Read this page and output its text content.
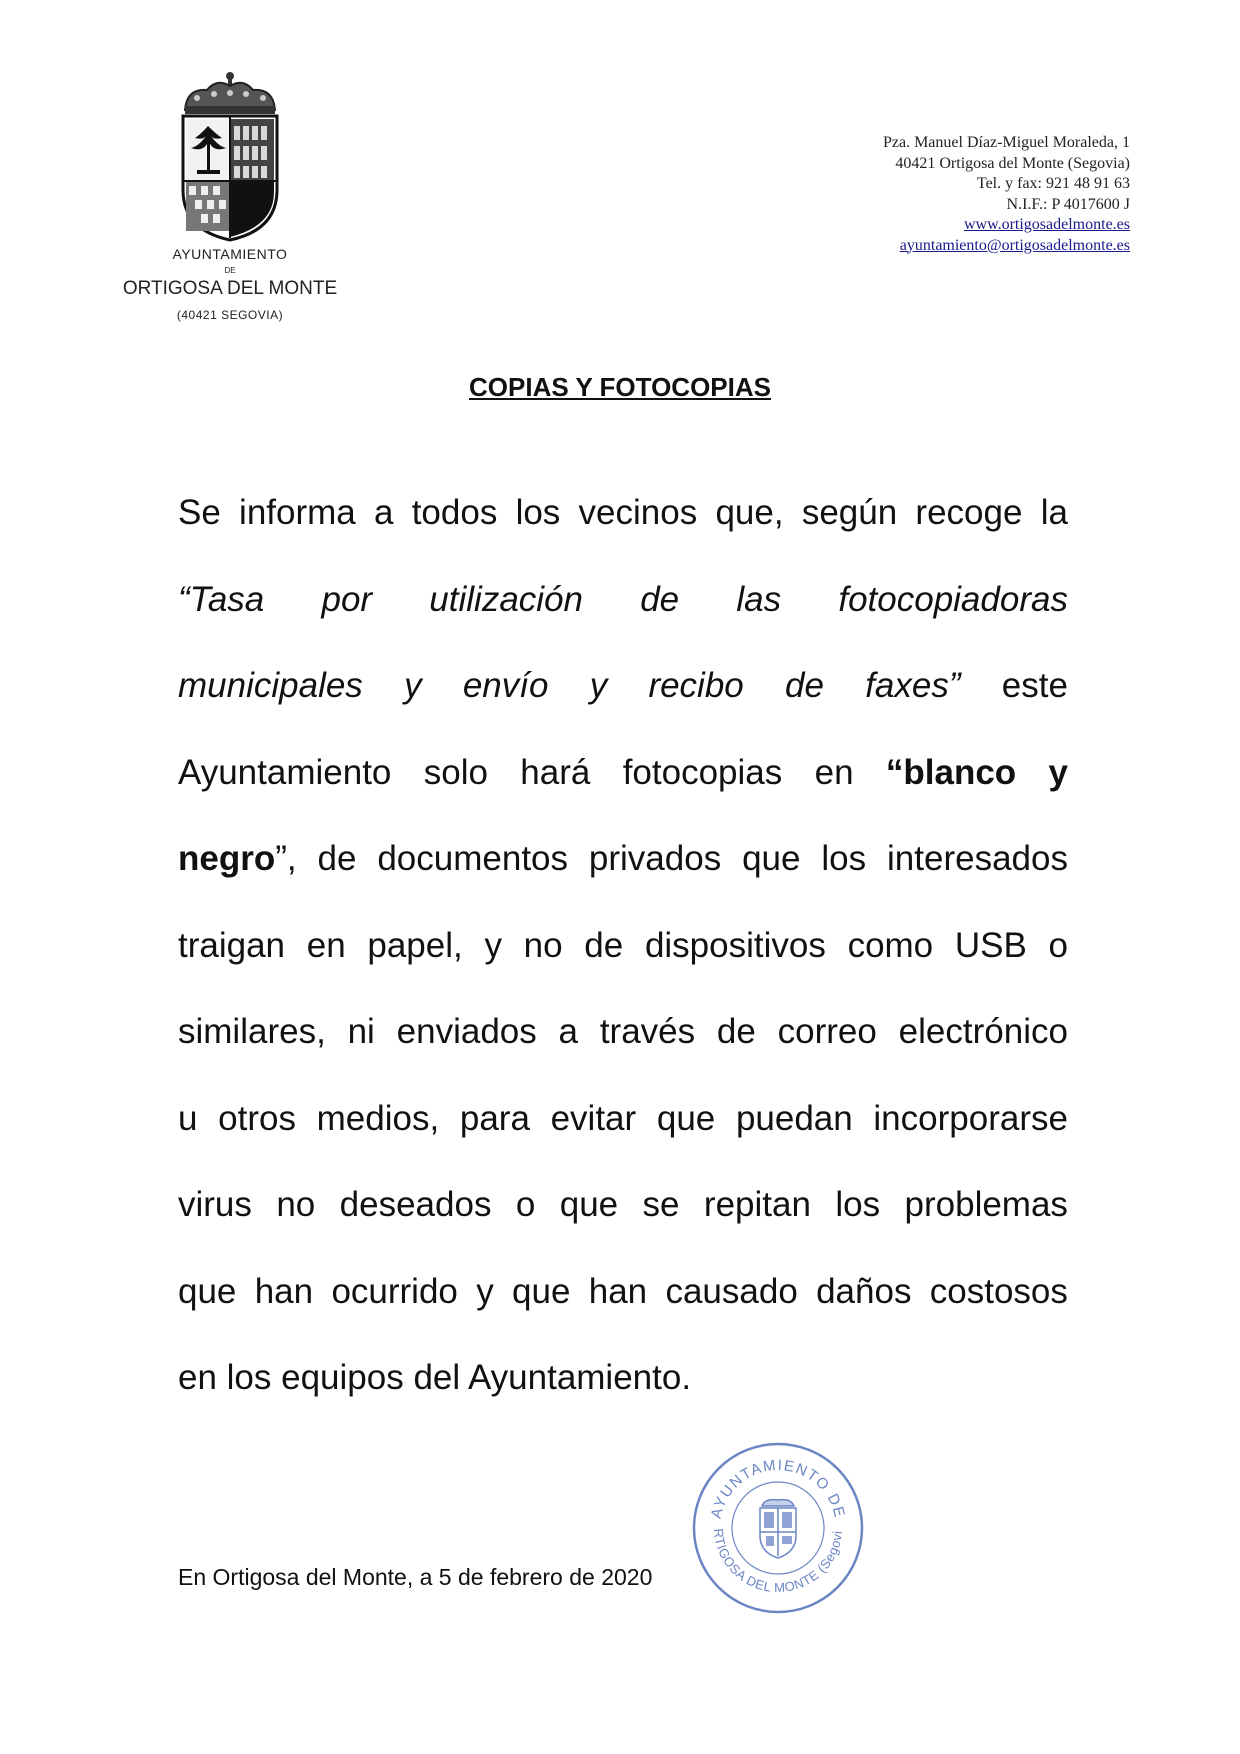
AYUNTAMIENTO
DE
ORTIGOSA DEL MONTE
(40421 SEGOVIA)
Pza. Manuel Díaz-Miguel Moraleda, 1
40421 Ortigosa del Monte (Segovia)
Tel. y fax: 921 48 91 63
N.I.F.: P 4017600 J
www.ortigosadelmonte.es
ayuntamiento@ortigosadelmonte.es
COPIAS Y FOTOCOPIAS
Se informa a todos los vecinos que, según recoge la
“Tasa por utilización de las fotocopiadoras
municipales y envío y recibo de faxes” este
Ayuntamiento solo hará fotocopias en “blanco y
negro”, de documentos privados que los interesados
traigan en papel, y no de dispositivos como USB o
similares, ni enviados a través de correo electrónico
u otros medios, para evitar que puedan incorporarse
virus no deseados o que se repitan los problemas
que han ocurrido y que han causado daños costosos
en los equipos del Ayuntamiento.
AYUNTAMIENTO DE
RTIGOSA DEL MONTE (Segovi
En Ortigosa del Monte, a 5 de febrero de 2020
